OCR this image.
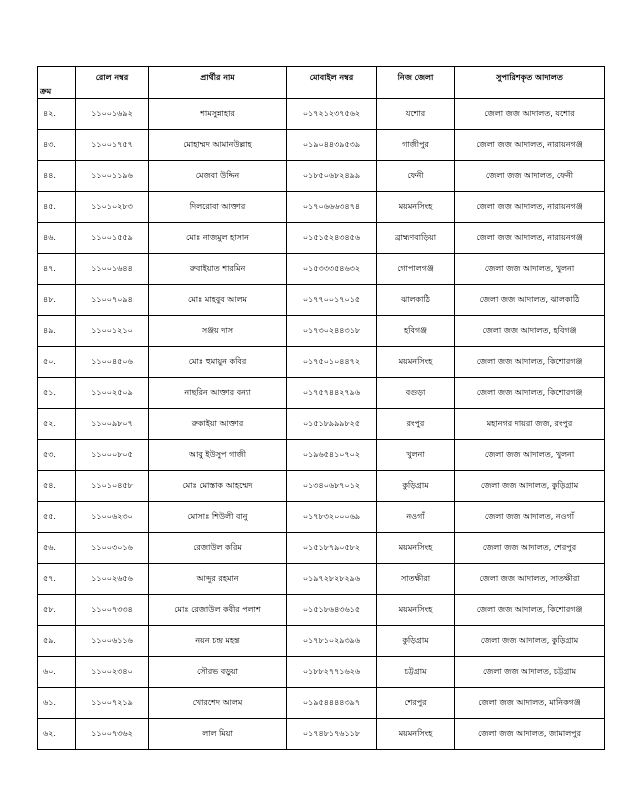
ক্রম	রোল নম্বর	প্রার্থীর নাম	মোবাইল নম্বর	নিজ জেলা	সুপারিশকৃত আদালত
৪২.	১১০০১৬৯২	শামসুন্নাহার	০১৭২১২৩৭৫৬২	যশোর	জেলা জজ আদালত, যশোর
৪৩.	১১০০১৭৫৭	মোহাম্মদ আমানউল্লাহ	০১৯০৪৪৩৯৫৩৯	গাজীপুর	জেলা জজ আদালত, নারায়নগঞ্জ
৪৪.	১১০০১১৯৬	মেজবা উদ্দিন	০১৮৫০৬৮২৪৯৯	ফেনী	জেলা জজ আদালত, ফেনী
৪৫.	১১০১০২৮৩	দিলরোবা আক্তার	০১৭০৬৬৬৩৪৭৪	ময়মনসিংহ	জেলা জজ আদালত, নারায়নগঞ্জ
৪৬.	১১০০১৫৫৯	মোঃ নাজমুল হাসান	০১৫১৫২৪৩৪৫৬	ব্রাহ্মণবাড়িয়া	জেলা জজ আদালত, নারায়নগঞ্জ
৪৭.	১১০০১৬৪৪	রুবাইয়াত শারমিন	০১৫৩৩৩৫৪৬৩২	গোপালগঞ্জ	জেলা জজ আদালত, খুলনা
৪৮.	১১০০৭০৯৪	মোঃ মাহবুব আলম	০১৭৭০০১৭০১৫	ঝালকাঠি	জেলা জজ আদালত, ঝালকাঠি
৪৯.	১১০০১২১০	সঞ্জয় দাস	০১৭৩০২৪৪৩১৮	হবিগঞ্জ	জেলা জজ আদালত, হবিগঞ্জ
৫০.	১১০০৪৫০৬	মোঃ হুমায়ুন কবির	০১৭৫০১০৪৪৭২	ময়মনসিংহ	জেলা জজ আদালত, কিশোরগঞ্জ
৫১.	১১০০২৫০৯	নাছরিন আক্তার বন্যা	০১৭৫৭৪৪২৭৯৬	বগুড়া	জেলা জজ আদালত, কিশোরগঞ্জ
৫২.	১১০০৯৮০৭	রুকাইয়া আক্তার	০১৫১৮৯৯৯৮২৫	রংপুর	মহানগর দায়রা জজ, রংপুর
৫৩.	১১০০০৮০৫	আবু ইউসুপ গাজী	০১৯৬৫৪১০৭০২	খুলনা	জেলা জজ আদালত, খুলনা
৫৪.	১১০১০৪৫৮	মোঃ মোস্তাক আহম্মেদ	০১৩৪০৬৮৭০১২	কুড়িগ্রাম	জেলা জজ আদালত, কুড়িগ্রাম
৫৫.	১১০০৬২৩০	মোসাঃ শিউলী বানু	০১৭৮৩২০০০৬৯	নওগাঁ	জেলা জজ আদালত, নওগাঁ
৫৬.	১১০০৩০১৬	রেজাউল করিম	০১৫১৮৭৯০৫৮২	ময়মনসিংহ	জেলা জজ আদালত, শেরপুর
৫৭.	১১০০২৬৫৬	আব্দুর রহমান	০১৯৭২৮২৮২৯৬	সাতক্ষীরা	জেলা জজ আদালত, সাতক্ষীরা
৫৮.	১১০০৭৩৩৪	মোঃ রেজাউল কবীর পলাশ	০১৫১৮৬৪৩৬১৫	ময়মনসিংহ	জেলা জজ আদালত, কিশোরগঞ্জ
৫৯.	১১০০৬১১৬	নয়ন চন্দ্র মহন্ত	০১৭৮১০২৯৩৯৬	কুড়িগ্রাম	জেলা জজ আদালত, কুড়িগ্রাম
৬০.	১১০০২৩৪০	সৌরভ বড়ুয়া	০১৮৮২৭৭১৬২৬	চট্টগ্রাম	জেলা জজ আদালত, চট্টগ্রাম
৬১.	১১০০৭২১৯	খোরশেদ আলম	০১৯৫৪৪৪৪৩৯৭	শেরপুর	জেলা জজ আদালত, মানিকগঞ্জ
৬২.	১১০০৭৩৬২	লাল মিয়া	০১৭৪৮১৭৬১১৮	ময়মনসিংহ	জেলা জজ আদালত, জামালপুর
